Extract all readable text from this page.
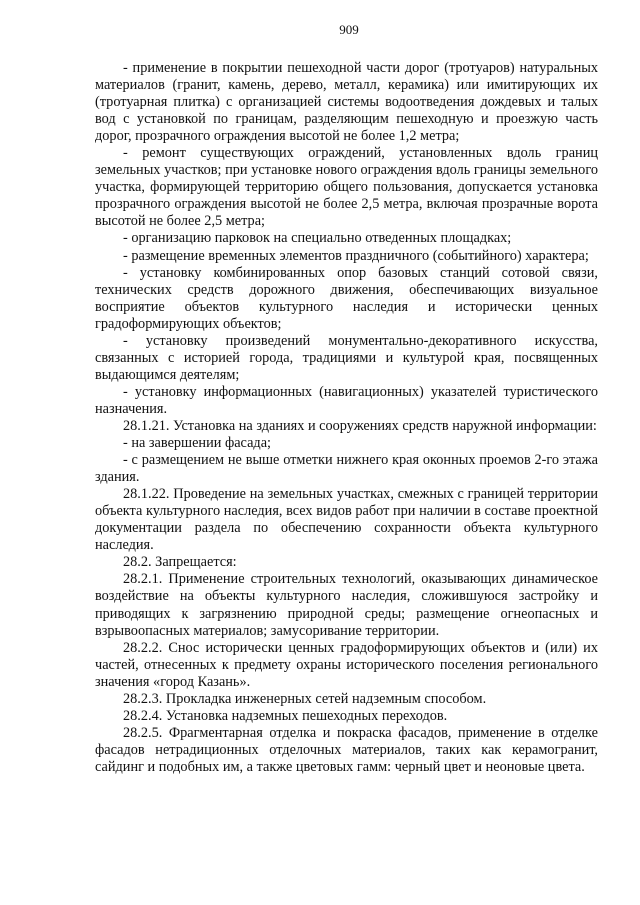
909

- применение в покрытии пешеходной части дорог (тротуаров) натуральных материалов (гранит, камень, дерево, металл, керамика) или имитирующих их (тротуарная плитка) с организацией системы водоотведения дождевых и талых вод с установкой по границам, разделяющим пешеходную и проезжую часть дорог, прозрачного ограждения высотой не более 1,2 метра;

- ремонт существующих ограждений, установленных вдоль границ земельных участков; при установке нового ограждения вдоль границы земельного участка, формирующей территорию общего пользования, допускается установка прозрачного ограждения высотой не более 2,5 метра, включая прозрачные ворота высотой не более 2,5 метра;

- организацию парковок на специально отведенных площадках;

- размещение временных элементов праздничного (событийного) характера;

- установку комбинированных опор базовых станций сотовой связи, технических средств дорожного движения, обеспечивающих визуальное восприятие объектов культурного наследия и исторически ценных градоформирующих объектов;

- установку произведений монументально-декоративного искусства, связанных с историей города, традициями и культурой края, посвященных выдающимся деятелям;

- установку информационных (навигационных) указателей туристического назначения.

28.1.21. Установка на зданиях и сооружениях средств наружной информации:

- на завершении фасада;

- с размещением не выше отметки нижнего края оконных проемов 2-го этажа здания.

28.1.22. Проведение на земельных участках, смежных с границей территории объекта культурного наследия, всех видов работ при наличии в составе проектной документации раздела по обеспечению сохранности объекта культурного наследия.

28.2. Запрещается:

28.2.1. Применение строительных технологий, оказывающих динамическое воздействие на объекты культурного наследия, сложившуюся застройку и приводящих к загрязнению природной среды; размещение огнеопасных и взрывоопасных материалов; замусоривание территории.

28.2.2. Снос исторически ценных градоформирующих объектов и (или) их частей, отнесенных к предмету охраны исторического поселения регионального значения «город Казань».

28.2.3. Прокладка инженерных сетей надземным способом.

28.2.4. Установка надземных пешеходных переходов.

28.2.5. Фрагментарная отделка и покраска фасадов, применение в отделке фасадов нетрадиционных отделочных материалов, таких как керамогранит, сайдинг и подобных им, а также цветовых гамм: черный цвет и неоновые цвета.
